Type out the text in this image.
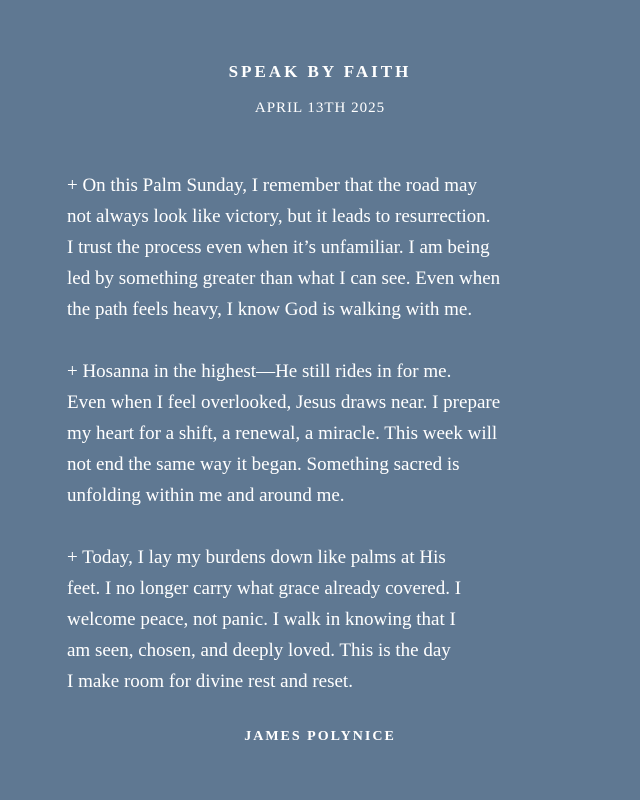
SPEAK BY FAITH
APRIL 13TH 2025

+ On this Palm Sunday, I remember that the road may
not always look like victory, but it leads to resurrection.
I trust the process even when it’s unfamiliar. I am being
led by something greater than what I can see. Even when
the path feels heavy, I know God is walking with me.

+ Hosanna in the highest—He still rides in for me.
Even when I feel overlooked, Jesus draws near. I prepare
my heart for a shift, a renewal, a miracle. This week will
not end the same way it began. Something sacred is
unfolding within me and around me.

+ Today, I lay my burdens down like palms at His
feet. I no longer carry what grace already covered. I
welcome peace, not panic. I walk in knowing that I
am seen, chosen, and deeply loved. This is the day
I make room for divine rest and reset.

JAMES POLYNICE
